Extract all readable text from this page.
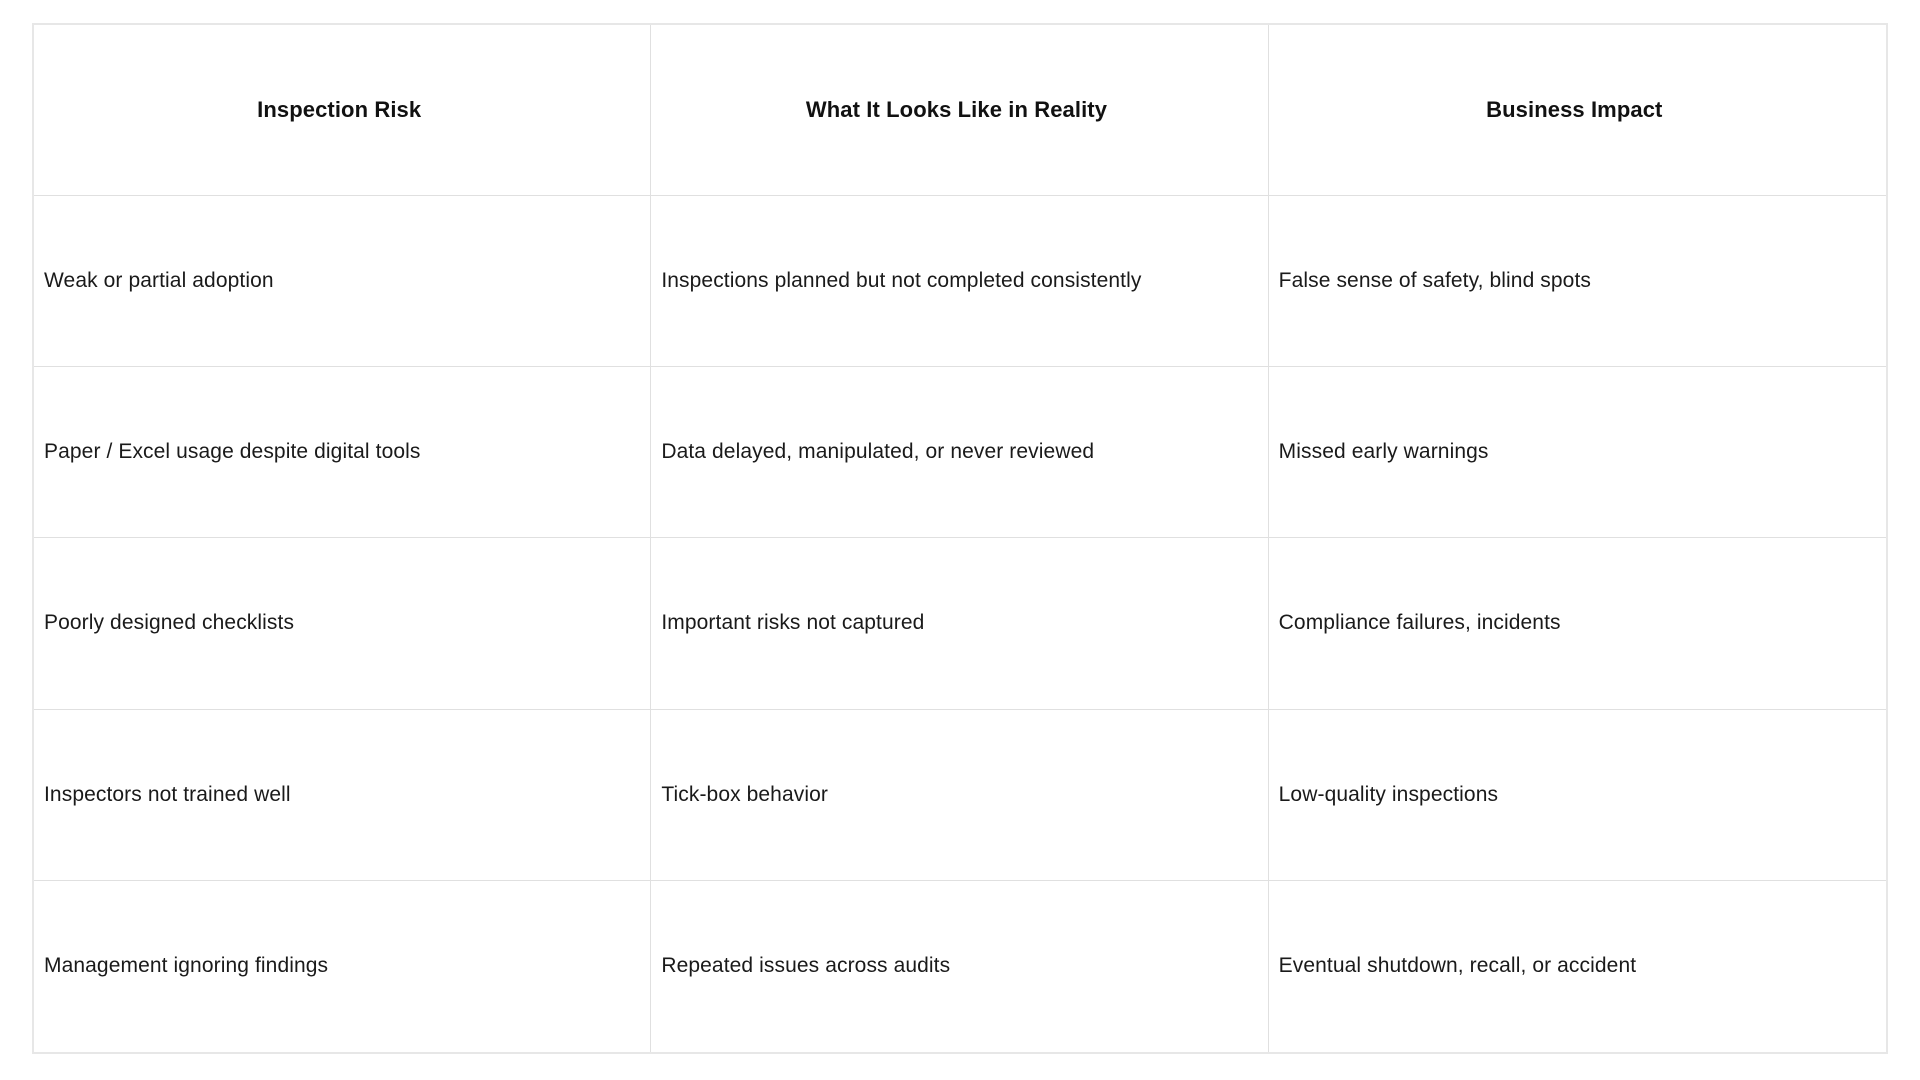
Inspection Risk	What It Looks Like in Reality	Business Impact
Weak or partial adoption	Inspections planned but not completed consistently	False sense of safety, blind spots
Paper / Excel usage despite digital tools	Data delayed, manipulated, or never reviewed	Missed early warnings
Poorly designed checklists	Important risks not captured	Compliance failures, incidents
Inspectors not trained well	Tick-box behavior	Low-quality inspections
Management ignoring findings	Repeated issues across audits	Eventual shutdown, recall, or accident
